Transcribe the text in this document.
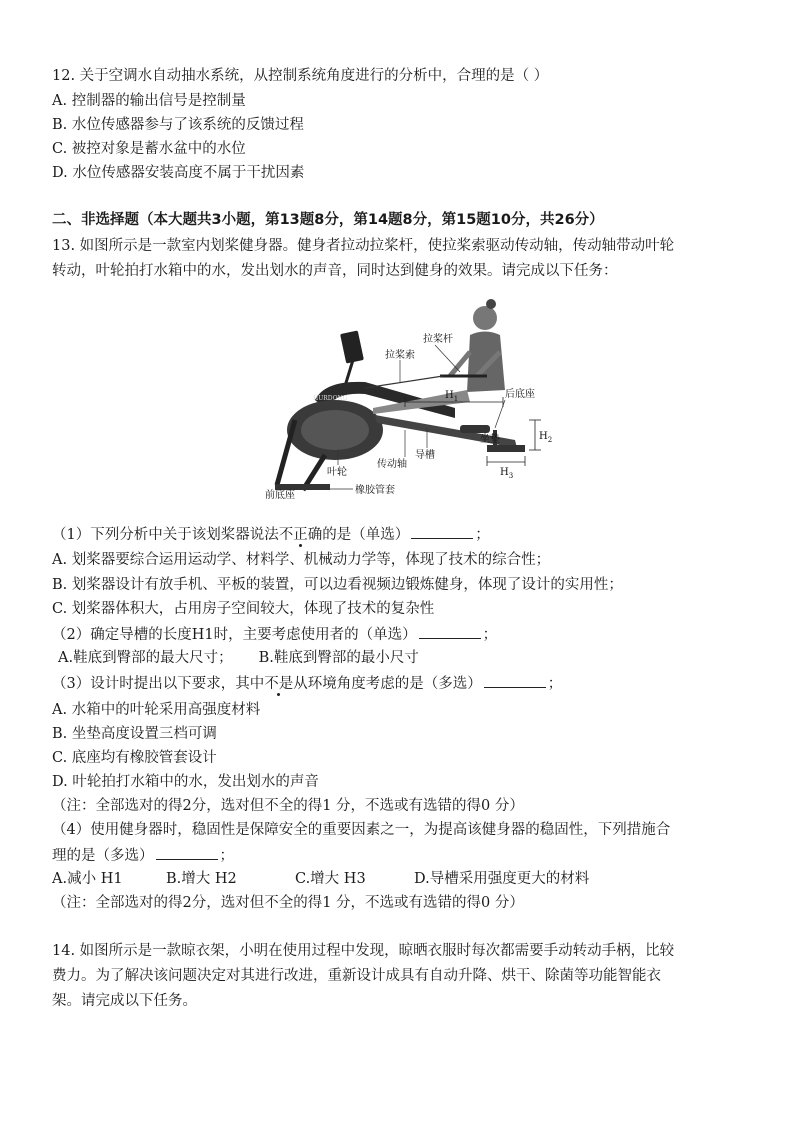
12. 关于空调水自动抽水系统，从控制系统角度进行的分析中，合理的是（ ）
A. 控制器的输出信号是控制量
B. 水位传感器参与了该系统的反馈过程
C. 被控对象是蓄水盆中的水位
D. 水位传感器安装高度不属于干扰因素
二、非选择题（本大题共3小题，第13题8分，第14题8分，第15题10分，共26分）
13. 如图所示是一款室内划桨健身器。健身者拉动拉桨杆，使拉桨索驱动传动轴，传动轴带动叶轮
转动，叶轮拍打水箱中的水，发出划水的声音，同时达到健身的效果。请完成以下任务：
HURDONG
拉桨杆
拉桨索
$H_1$	后底座
$H_2$
坐垫
$H_3$
导槽
传动轴
叶轮
前底座	橡胶管套
（1）下列分析中关于该划桨器说法不正确的是（单选）	；
A. 划桨器要综合运用运动学、材料学、机械动力学等，体现了技术的综合性；
B. 划桨器设计有放手机、平板的装置，可以边看视频边锻炼健身，体现了设计的实用性；
C. 划桨器体积大，占用房子空间较大，体现了技术的复杂性
（2）确定导槽的长度H1时，主要考虑使用者的（单选）	；
A.鞋底到臀部的最大尺寸； B.鞋底到臀部的最小尺寸
（3）设计时提出以下要求，其中不是从环境角度考虑的是（多选）	；
A. 水箱中的叶轮采用高强度材料
B. 坐垫高度设置三档可调
C. 底座均有橡胶管套设计
D. 叶轮拍打水箱中的水，发出划水的声音
（注：全部选对的得2分，选对但不全的得1 分，不选或有选错的得0 分）
（4）使用健身器时，稳固性是保障安全的重要因素之一，为提高该健身器的稳固性，下列措施合
理的是（多选）	；
A.减小 H1	B.增大 H2	C.增大 H3	D.导槽采用强度更大的材料
（注：全部选对的得2分，选对但不全的得1 分，不选或有选错的得0 分）
14. 如图所示是一款晾衣架，小明在使用过程中发现，晾晒衣服时每次都需要手动转动手柄，比较
费力。为了解决该问题决定对其进行改进，重新设计成具有自动升降、烘干、除菌等功能智能衣
架。请完成以下任务。
